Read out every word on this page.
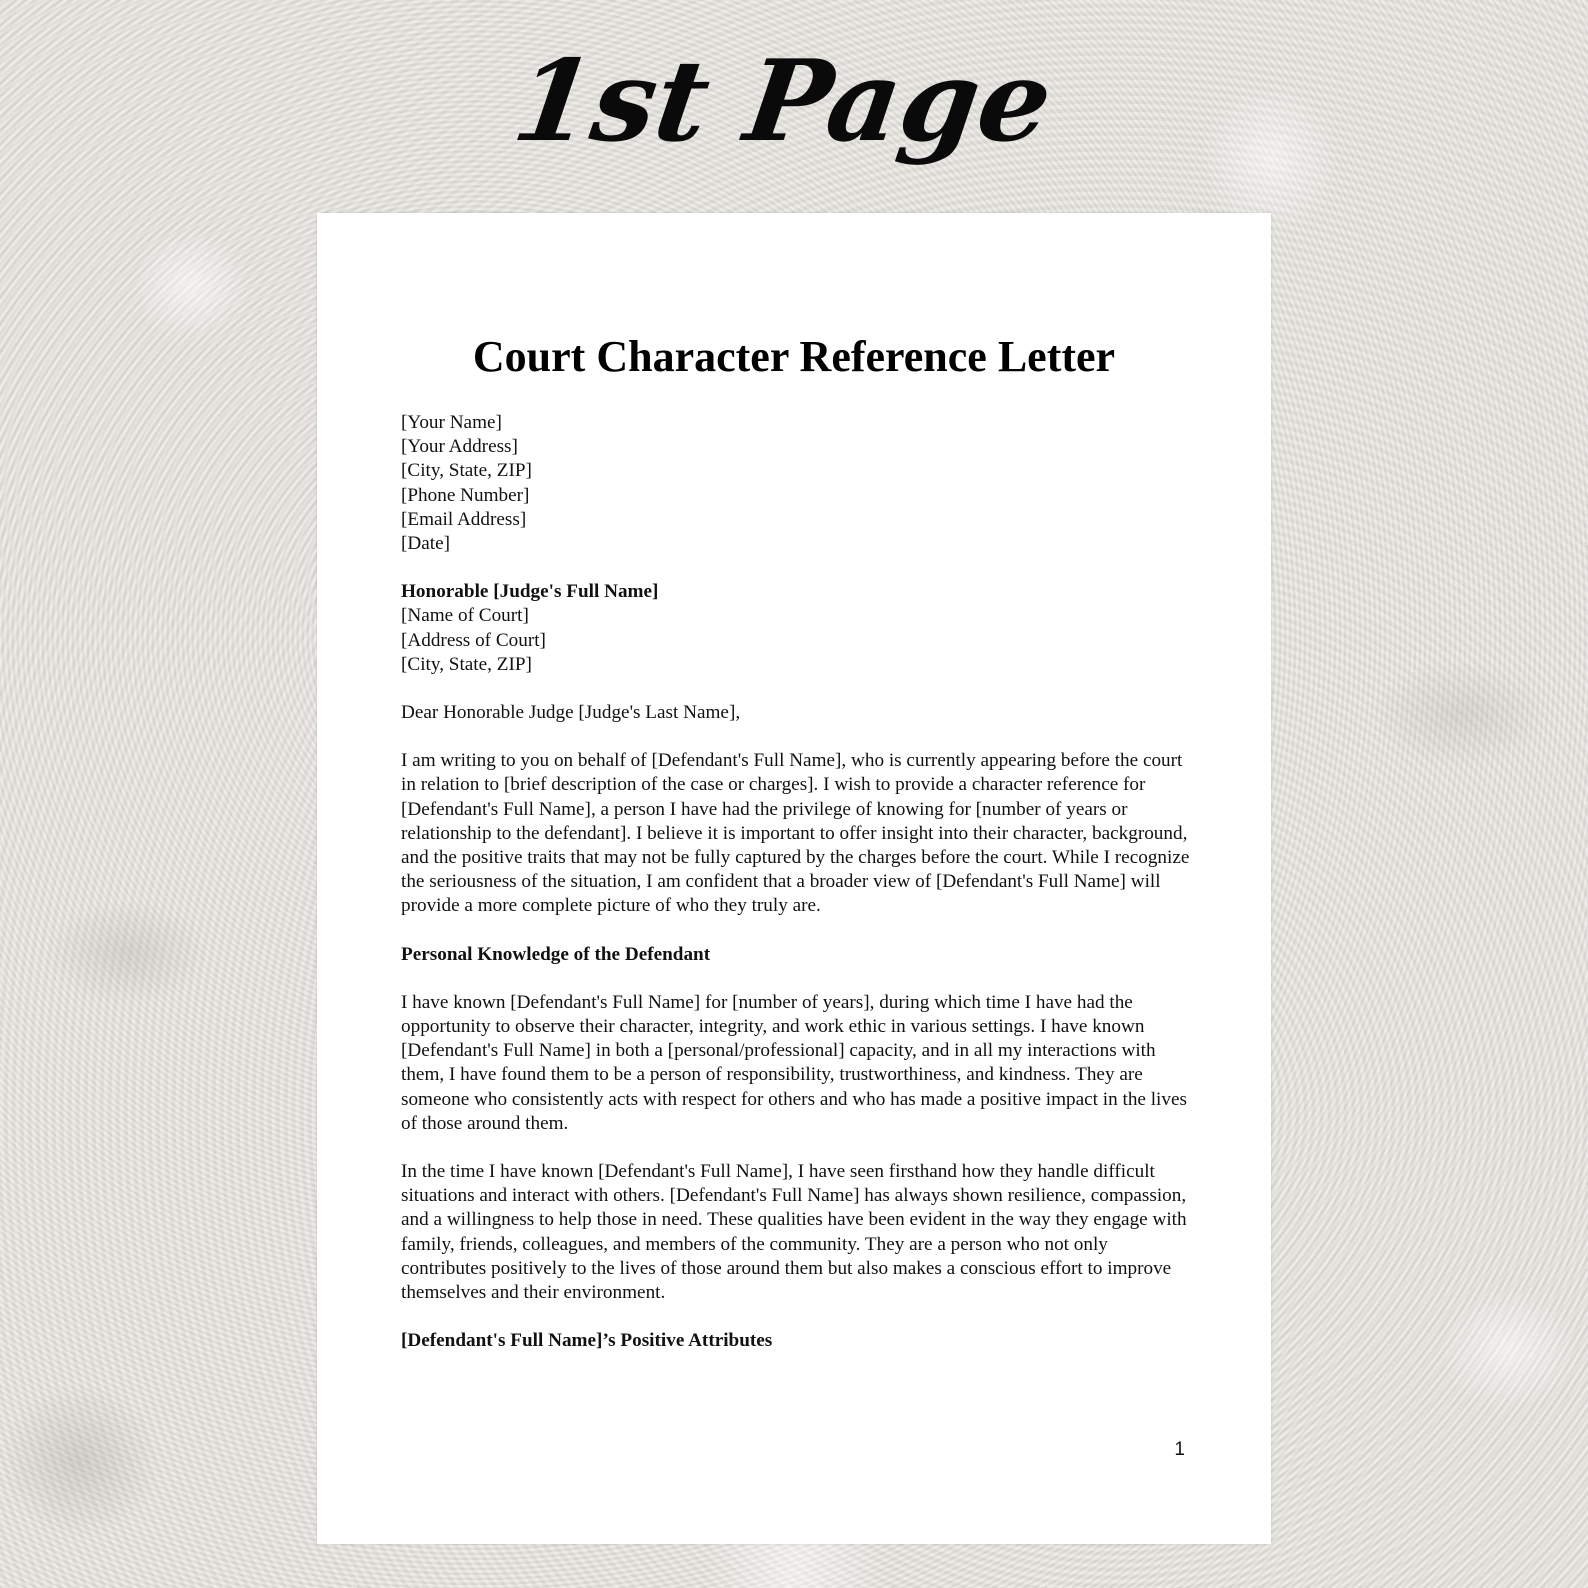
1st Page
Court Character Reference Letter

[Your Name]
[Your Address]
[City, State, ZIP]
[Phone Number]
[Email Address]
[Date]

Honorable [Judge's Full Name]
[Name of Court]
[Address of Court]
[City, State, ZIP]

Dear Honorable Judge [Judge's Last Name],

I am writing to you on behalf of [Defendant's Full Name], who is currently appearing before the court in relation to [brief description of the case or charges]. I wish to provide a character reference for [Defendant's Full Name], a person I have had the privilege of knowing for [number of years or relationship to the defendant]. I believe it is important to offer insight into their character, background, and the positive traits that may not be fully captured by the charges before the court. While I recognize the seriousness of the situation, I am confident that a broader view of [Defendant's Full Name] will provide a more complete picture of who they truly are.

Personal Knowledge of the Defendant

I have known [Defendant's Full Name] for [number of years], during which time I have had the opportunity to observe their character, integrity, and work ethic in various settings. I have known [Defendant's Full Name] in both a [personal/professional] capacity, and in all my interactions with them, I have found them to be a person of responsibility, trustworthiness, and kindness. They are someone who consistently acts with respect for others and who has made a positive impact in the lives of those around them.

In the time I have known [Defendant's Full Name], I have seen firsthand how they handle difficult situations and interact with others. [Defendant's Full Name] has always shown resilience, compassion, and a willingness to help those in need. These qualities have been evident in the way they engage with family, friends, colleagues, and members of the community. They are a person who not only contributes positively to the lives of those around them but also makes a conscious effort to improve themselves and their environment.

[Defendant's Full Name]’s Positive Attributes

1
